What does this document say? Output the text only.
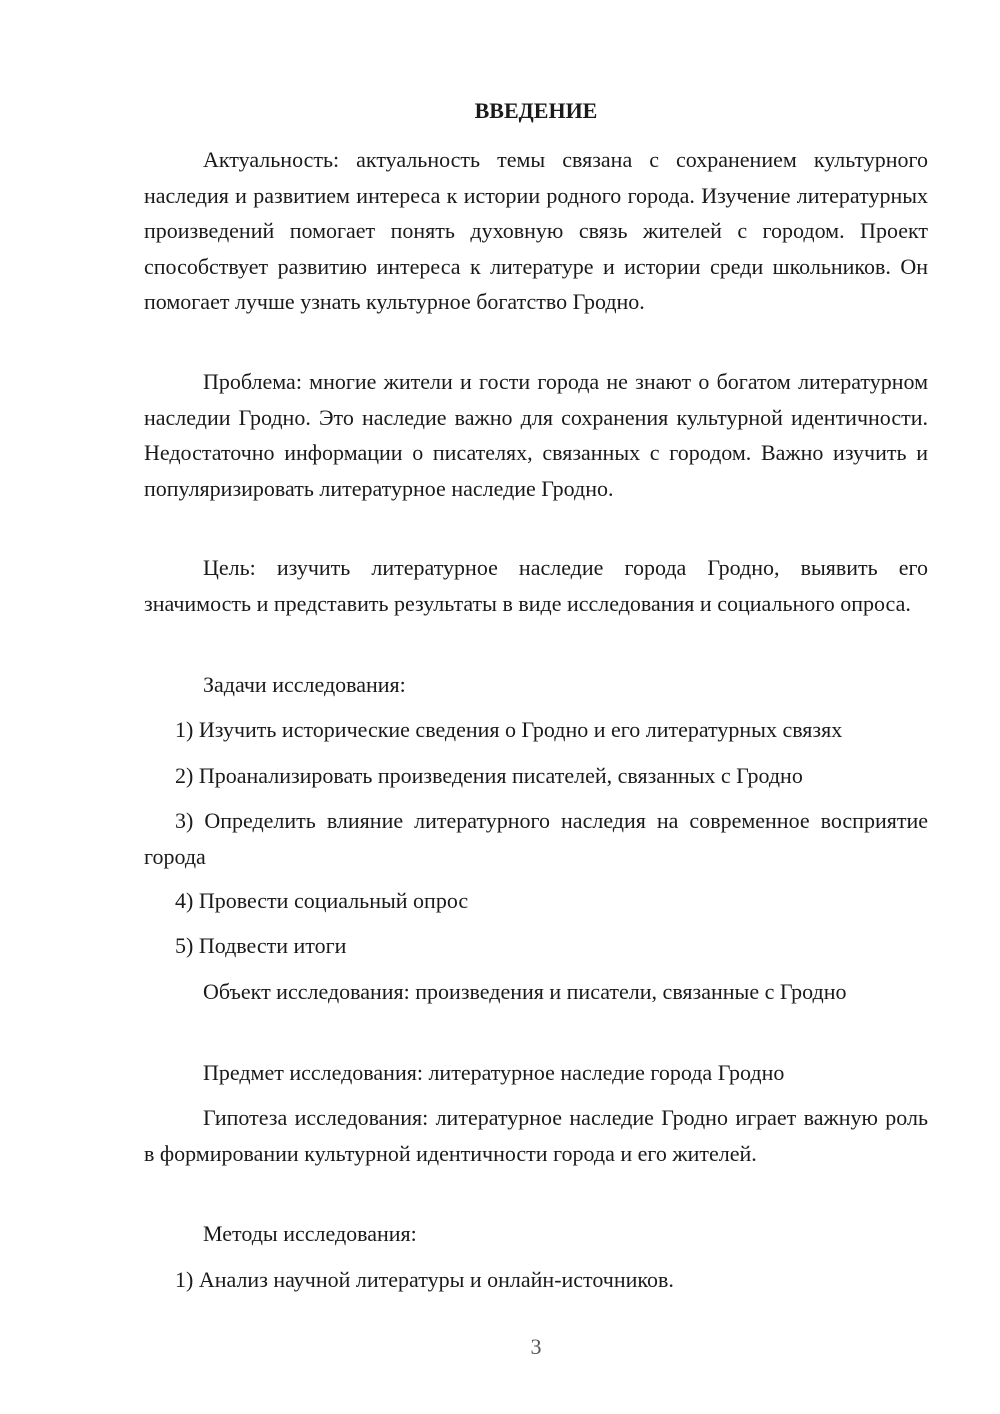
ВВЕДЕНИЕ

Актуальность: актуальность темы связана с сохранением культурного наследия и развитием интереса к истории родного города. Изучение литературных произведений помогает понять духовную связь жителей с городом. Проект способствует развитию интереса к литературе и истории среди школьников. Он помогает лучше узнать культурное богатство Гродно.

Проблема: многие жители и гости города не знают о богатом литературном наследии Гродно. Это наследие важно для сохранения культурной идентичности. Недостаточно информации о писателях, связанных с городом. Важно изучить и популяризировать литературное наследие Гродно.

Цель: изучить литературное наследие города Гродно, выявить его значимость и представить результаты в виде исследования и социального опроса.

Задачи исследования:

1) Изучить исторические сведения о Гродно и его литературных связях

2) Проанализировать произведения писателей, связанных с Гродно

3) Определить влияние литературного наследия на современное восприятие города

4) Провести социальный опрос

5) Подвести итоги

Объект исследования: произведения и писатели, связанные с Гродно

Предмет исследования: литературное наследие города Гродно

Гипотеза исследования: литературное наследие Гродно играет важную роль в формировании культурной идентичности города и его жителей.

Методы исследования:

1) Анализ научной литературы и онлайн-источников.

3
